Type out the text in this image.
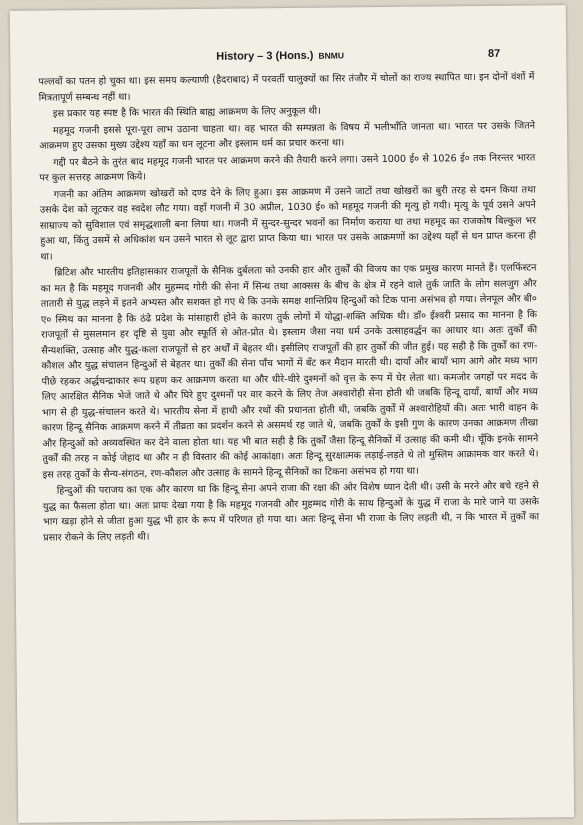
History – 3 (Hons.) BNMU	87

पल्लवों का पतन हो चुका था। इस समय कल्याणी (हैदराबाद) में परवर्ती चालुक्यों का सिर तंजौर में चोलों का राज्य स्थापित था। इन दोनों वंशों में मित्रतापूर्ण सम्बन्ध नहीं था।

इस प्रकार यह स्पष्ट है कि भारत की स्थिति बाह्य आक्रमण के लिए अनुकूल थी।

महमूद गजनी इससे पूरा-पूरा लाभ उठाना चाहता था। वह भारत की सम्पन्नता के विषय में भलीभाँति जानता था। भारत पर उसके जितने आक्रमण हुए उसका मुख्य उद्देश्य यहाँ का धन लूटना और इस्लाम धर्म का प्रचार करना था।

गद्दी पर बैठने के तुरंत बाद महमूद गजनी भारत पर आक्रमण करने की तैयारी करने लगा। उसने 1000 ई० से 1026 ई० तक निरन्तर भारत पर कुल सत्तरह आक्रमण किये।

गजनी का अंतिम आक्रमण खोखरों को दण्ड देने के लिए हुआ। इस आक्रमण में उसने जाटों तथा खोखरों का बुरी तरह से दमन किया तथा उसके देश को लूटकर वह स्वदेश लौट गया। वहाँ गजनी में 30 अप्रील, 1030 ई० को महमूद गजनी की मृत्यु हो गयी। मृत्यु के पूर्व उसने अपने साम्राज्य को सुविशाल एवं समृद्धशाली बना लिया था। गजनी में सुन्दर-सुन्दर भवनों का निर्माण कराया था तथा महमूद का राजकोष बिल्कुल भर हुआ था, किंतु उसमें से अधिकांश धन उसने भारत से लूट द्वारा प्राप्त किया था। भारत पर उसके आक्रमणों का उद्देश्य यहाँ से धन प्राप्त करना ही था।

ब्रिटिश और भारतीय इतिहासकार राजपूतों के सैनिक दुर्बलता को उनकी हार और तुर्कों की विजय का एक प्रमुख कारण मानते हैं। एलफिंस्टन का मत है कि महमूद गजनवी और मुहम्मद गोरी की सेना में सिन्ध तथा आक्सस के बीच के क्षेत्र में रहने वाले तुर्क जाति के लोग सलजुग और तातारी से युद्ध लड़ने में इतने अभ्यस्त और सशक्त हो गए थे कि उनके समक्ष शान्तिप्रिय हिन्दुओं को टिक पाना असंभव हो गया। लेनपूल और बी० ए० स्मिथ का मानना है कि ठंढे प्रदेश के मांसाहारी होने के कारण तुर्क लोगों में योद्धा-शक्ति अधिक थी। डॉ० ईश्वरी प्रसाद का मानना है कि राजपूतों से मुसलमान हर दृष्टि से युवा और स्फूर्ति से ओत-प्रोत थे। इस्लाम जैसा नया धर्म उनके उत्साहवर्द्धन का आधार था। अतः तुर्कों की सैन्यशक्ति, उत्साह और युद्ध-कला राजपूतों से हर अर्थों में बेहतर थी। इसीलिए राजपूतों की हार तुर्कों की जीत हुई। यह सही है कि तुर्कों का रण-कौशल और युद्ध संचालन हिन्दुओं से बेहतर था। तुर्कों की सेना पाँच भागों में बँट कर मैदान मारती थी। दायाँ और बायाँ भाग आगे और मध्य भाग पीछे रहकर अर्द्धचन्द्राकार रूप ग्रहण कर आक्रमण करता था और धीरे-धीरे दुश्मनों को वृत्त के रूप में घेर लेता था। कमजोर जगहों पर मदद के लिए आरक्षित सैनिक भेजे जाते थे और घिरे हुए दुश्मनों पर वार करने के लिए तेज अश्वारोही सेना होती थी जबकि हिन्दू दायाँ, बायाँ और मध्य भाग से ही युद्ध-संचालन करते थे। भारतीय सेना में हाथी और रथों की प्रधानता होती थी, जबकि तुर्कों में अश्वारोहियों की। अतः भारी वाहन के कारण हिन्दू सैनिक आक्रमण करने में तीव्रता का प्रदर्शन करने से असमर्थ रह जाते थे, जबकि तुर्कों के इसी गुण के कारण उनका आक्रमण तीखा और हिन्दुओं को अव्यवस्थित कर देने वाला होता था। यह भी बात सही है कि तुर्कों जैसा हिन्दू सैनिकों में उत्साह की कमी थी। चूँकि इनके सामने तुर्कों की तरह न कोई जेहाद था और न ही विस्तार की कोई आकांक्षा। अतः हिन्दू सुरक्षात्मक लड़ाई-लड़ते थे तो मुस्लिम आक्रामक वार करते थे। इस तरह तुर्कों के सैन्य-संगठन, रण-कौशल और उत्साह के सामने हिन्दू सैनिकों का टिकना असंभव हो गया था।

हिन्दुओं की पराजय का एक और कारण था कि हिन्दू सेना अपने राजा की रक्षा की ओर विशेष ध्यान देती थी। उसी के मरने और बचे रहने से युद्ध का फैसला होता था। अतः प्रायः देखा गया है कि महमूद गजनवी और मुहम्मद गोरी के साथ हिन्दुओं के युद्ध में राजा के मारे जाने या उसके भाग खड़ा होने से जीता हुआ युद्ध भी हार के रूप में परिणत हो गया था। अतः हिन्दू सेना भी राजा के लिए लड़ती थी, न कि भारत में तुर्कों का प्रसार रोकने के लिए लड़ती थी।
